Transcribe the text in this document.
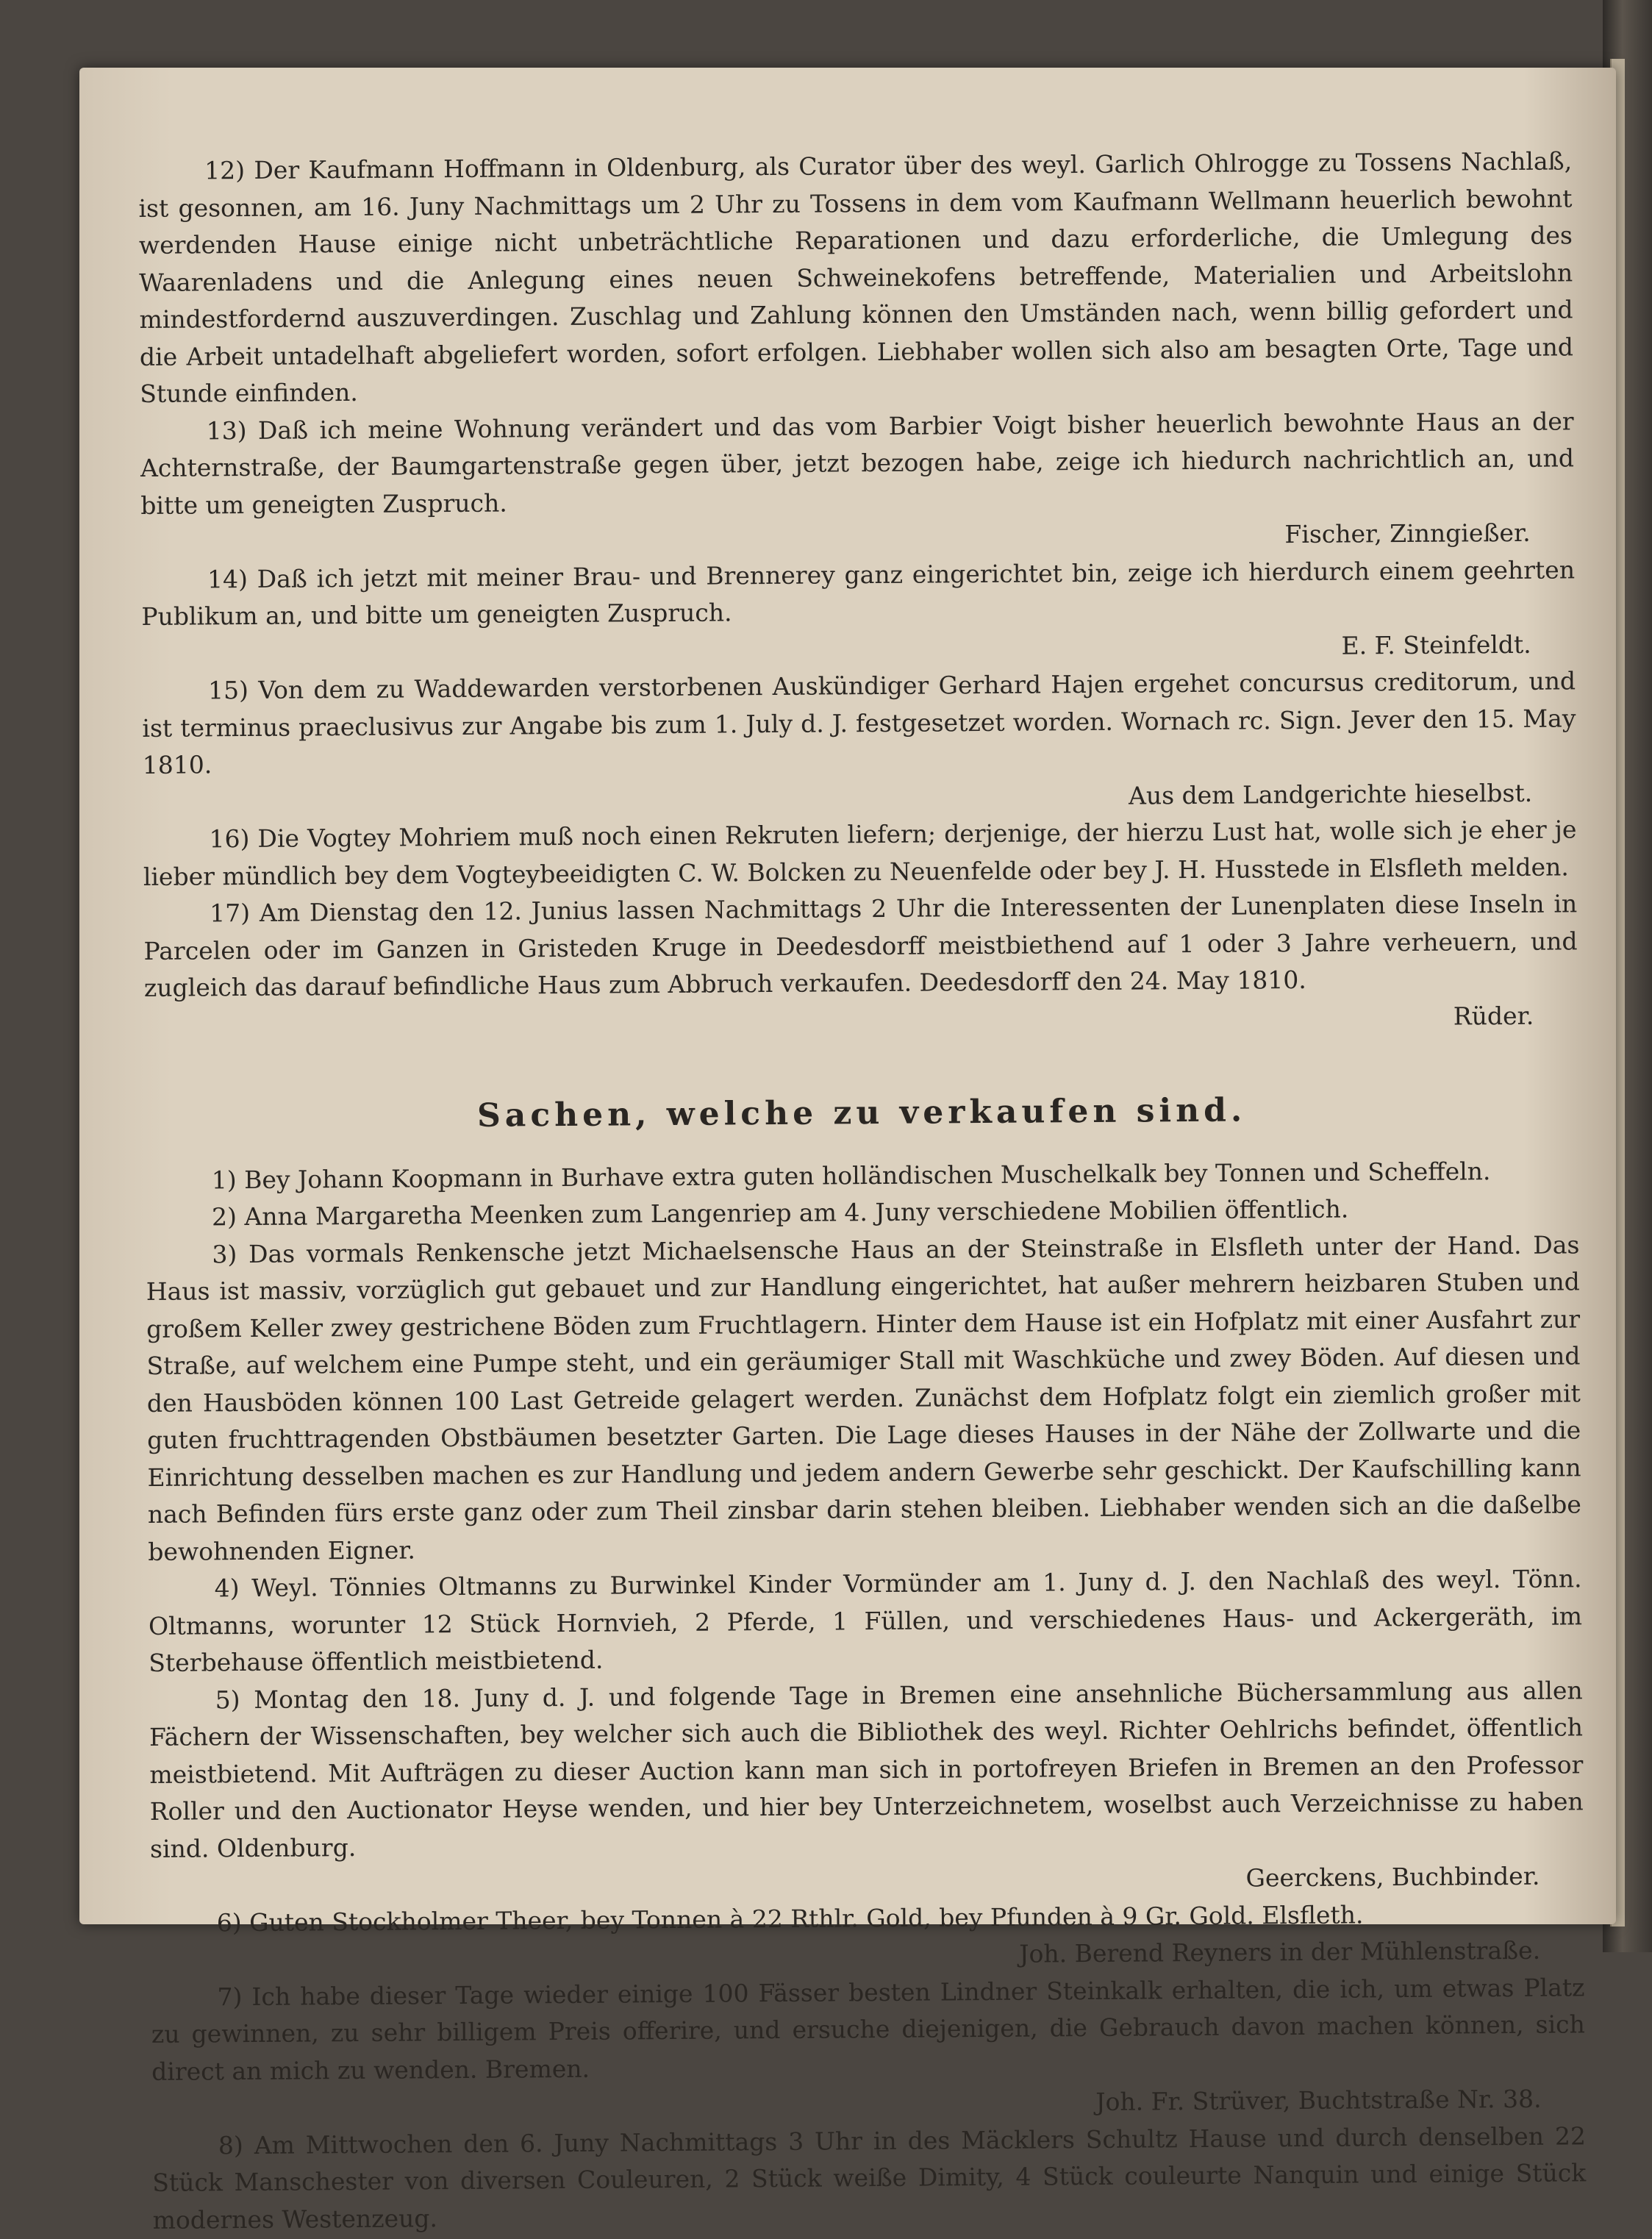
12) Der Kaufmann Hoffmann in Oldenburg, als Curator über des weyl. Garlich Ohlrogge zu Tossens Nachlaß, ist gesonnen, am 16. Juny Nachmittags um 2 Uhr zu Tossens in dem vom Kaufmann Wellmann heuerlich bewohnt werdenden Hause einige nicht unbeträchtliche Reparationen und dazu erforderliche, die Umlegung des Waarenladens und die Anlegung eines neuen Schweinekofens betreffende, Materialien und Arbeitslohn mindestfordernd auszuverdingen. Zuschlag und Zahlung können den Umständen nach, wenn billig gefordert und die Arbeit untadelhaft abgeliefert worden, sofort erfolgen. Liebhaber wollen sich also am besagten Orte, Tage und Stunde einfinden.

13) Daß ich meine Wohnung verändert und das vom Barbier Voigt bisher heuerlich bewohnte Haus an der Achternstraße, der Baumgartenstraße gegen über, jetzt bezogen habe, zeige ich hiedurch nachrichtlich an, und bitte um geneigten Zuspruch.

Fischer, Zinngießer.

14) Daß ich jetzt mit meiner Brau- und Brennerey ganz eingerichtet bin, zeige ich hierdurch einem geehrten Publikum an, und bitte um geneigten Zuspruch.

E. F. Steinfeldt.

15) Von dem zu Waddewarden verstorbenen Auskündiger Gerhard Hajen ergehet concursus creditorum, und ist terminus praeclusivus zur Angabe bis zum 1. July d. J. festgesetzet worden. Wornach rc. Sign. Jever den 15. May 1810.

Aus dem Landgerichte hieselbst.

16) Die Vogtey Mohriem muß noch einen Rekruten liefern; derjenige, der hierzu Lust hat, wolle sich je eher je lieber mündlich bey dem Vogteybeeidigten C. W. Bolcken zu Neuenfelde oder bey J. H. Husstede in Elsfleth melden.

17) Am Dienstag den 12. Junius lassen Nachmittags 2 Uhr die Interessenten der Lunenplaten diese Inseln in Parcelen oder im Ganzen in Gristeden Kruge in Deedesdorff meistbiethend auf 1 oder 3 Jahre verheuern, und zugleich das darauf befindliche Haus zum Abbruch verkaufen. Deedesdorff den 24. May 1810.

Rüder.

Sachen, welche zu verkaufen sind.

1) Bey Johann Koopmann in Burhave extra guten holländischen Muschelkalk bey Tonnen und Scheffeln.

2) Anna Margaretha Meenken zum Langenriep am 4. Juny verschiedene Mobilien öffentlich.

3) Das vormals Renkensche jetzt Michaelsensche Haus an der Steinstraße in Elsfleth unter der Hand. Das Haus ist massiv, vorzüglich gut gebauet und zur Handlung eingerichtet, hat außer mehrern heizbaren Stuben und großem Keller zwey gestrichene Böden zum Fruchtlagern. Hinter dem Hause ist ein Hofplatz mit einer Ausfahrt zur Straße, auf welchem eine Pumpe steht, und ein geräumiger Stall mit Waschküche und zwey Böden. Auf diesen und den Hausböden können 100 Last Getreide gelagert werden. Zunächst dem Hofplatz folgt ein ziemlich großer mit guten fruchttragenden Obstbäumen besetzter Garten. Die Lage dieses Hauses in der Nähe der Zollwarte und die Einrichtung desselben machen es zur Handlung und jedem andern Gewerbe sehr geschickt. Der Kaufschilling kann nach Befinden fürs erste ganz oder zum Theil zinsbar darin stehen bleiben. Liebhaber wenden sich an die daßelbe bewohnenden Eigner.

4) Weyl. Tönnies Oltmanns zu Burwinkel Kinder Vormünder am 1. Juny d. J. den Nachlaß des weyl. Tönn. Oltmanns, worunter 12 Stück Hornvieh, 2 Pferde, 1 Füllen, und verschiedenes Haus- und Ackergeräth, im Sterbehause öffentlich meistbietend.

5) Montag den 18. Juny d. J. und folgende Tage in Bremen eine ansehnliche Büchersammlung aus allen Fächern der Wissenschaften, bey welcher sich auch die Bibliothek des weyl. Richter Oehlrichs befindet, öffentlich meistbietend. Mit Aufträgen zu dieser Auction kann man sich in portofreyen Briefen in Bremen an den Professor Roller und den Auctionator Heyse wenden, und hier bey Unterzeichnetem, woselbst auch Verzeichnisse zu haben sind. Oldenburg.

Geerckens, Buchbinder.

6) Guten Stockholmer Theer, bey Tonnen à 22 Rthlr. Gold, bey Pfunden à 9 Gr. Gold. Elsfleth.

Joh. Berend Reyners in der Mühlenstraße.

7) Ich habe dieser Tage wieder einige 100 Fässer besten Lindner Steinkalk erhalten, die ich, um etwas Platz zu gewinnen, zu sehr billigem Preis offerire, und ersuche diejenigen, die Gebrauch davon machen können, sich direct an mich zu wenden. Bremen.

Joh. Fr. Strüver, Buchtstraße Nr. 38.

8) Am Mittwochen den 6. Juny Nachmittags 3 Uhr in des Mäcklers Schultz Hause und durch denselben 22 Stück Manschester von diversen Couleuren, 2 Stück weiße Dimity, 4 Stück couleurte Nanquin und einige Stück modernes Westenzeug.
